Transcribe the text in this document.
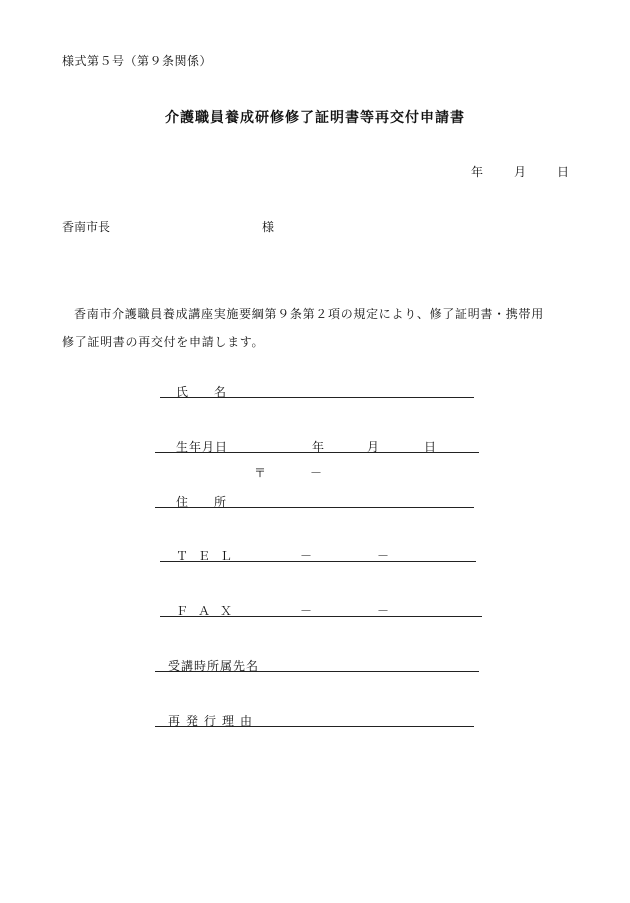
様式第５号（第９条関係）
介護職員養成研修修了証明書等再交付申請書
年	月	日
香南市長	様
香南市介護職員養成講座実施要綱第９条第２項の規定により、修了証明書・携帯用
修了証明書の再交付を申請します。
氏 名
生年月日	年	月	日
〒	－
住 所
ＴＥＬ	－	－
ＦＡＸ	－	－
受講時所属先名
再発行理由
